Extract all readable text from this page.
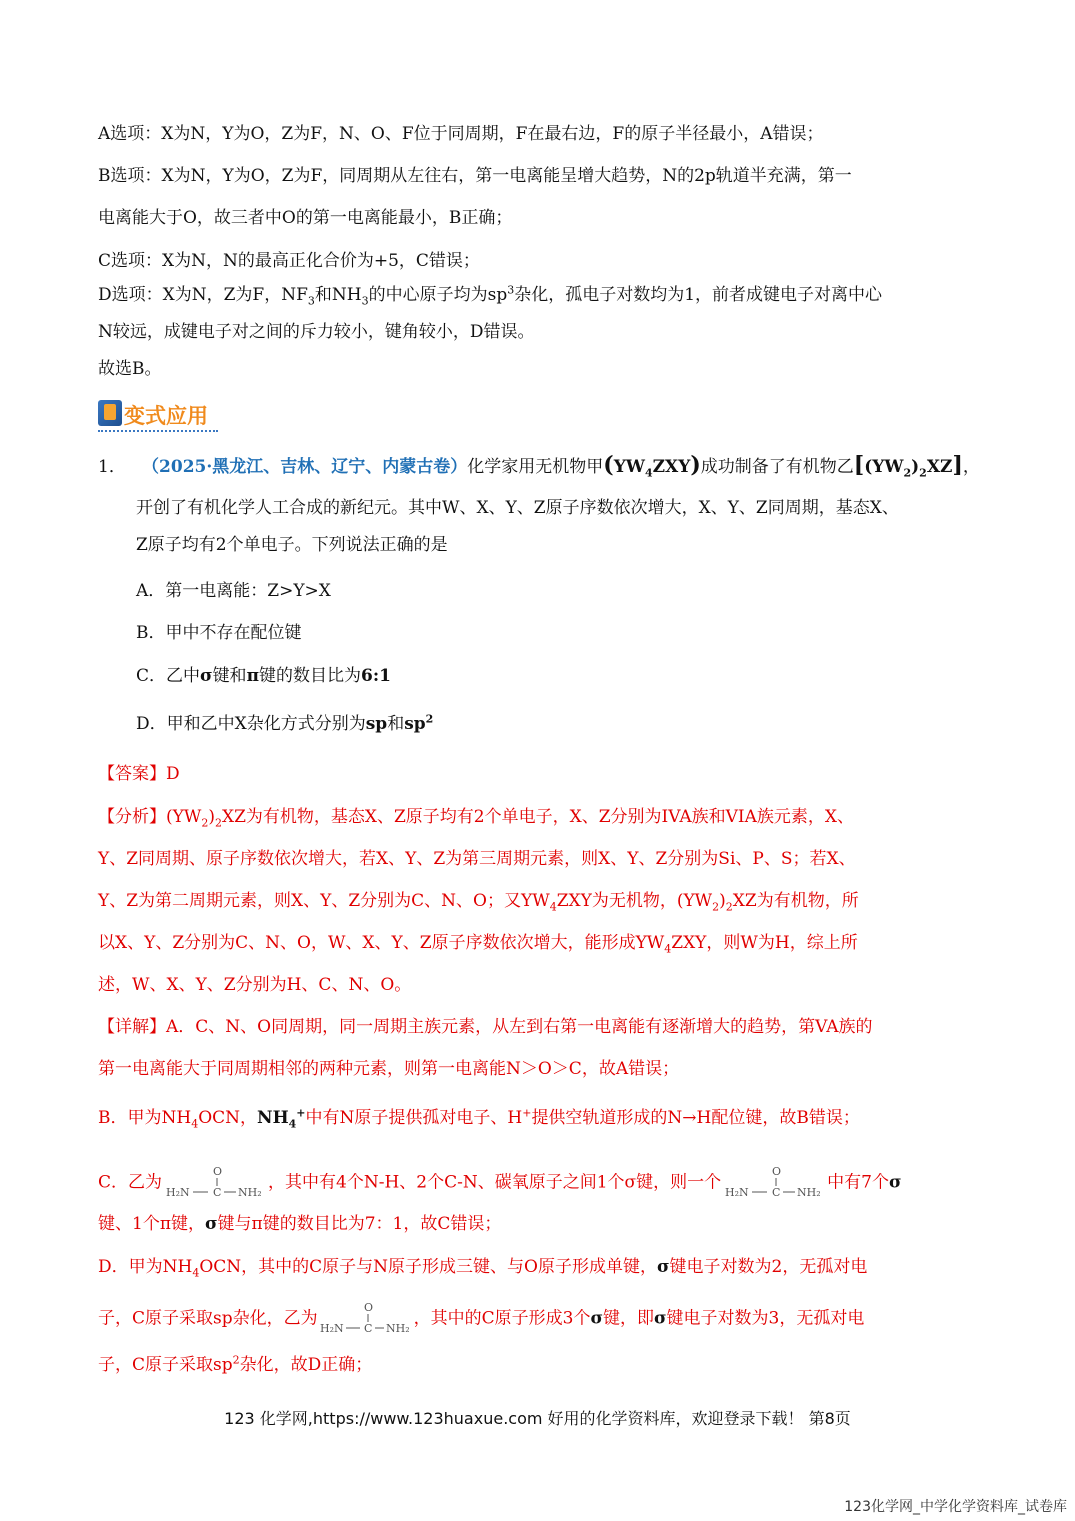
A选项：X为N，Y为O，Z为F，N、O、F位于同周期，F在最右边，F的原子半径最小，A错误；
B选项：X为N，Y为O，Z为F，同周期从左往右，第一电离能呈增大趋势，N的2p轨道半充满，第一
电离能大于O，故三者中O的第一电离能最小，B正确；
C选项：X为N，N的最高正化合价为+5，C错误；
D选项：X为N，Z为F，$NF_3$和$NH_3$的中心原子均为$sp^3$杂化，孤电子对数均为1，前者成键电子对离中心
N较远，成键电子对之间的斥力较小，键角较小，D错误。
故选B。
变式应用
1． （2025·黑龙江、吉林、辽宁、内蒙古卷）化学家用无机物甲$(YW_4ZXY)$成功制备了有机物乙$[(YW_2)_2XZ]$，
开创了有机化学人工合成的新纪元。其中W、X、Y、Z原子序数依次增大，X、Y、Z同周期，基态X、
Z原子均有2个单电子。下列说法正确的是
A．第一电离能：Z>Y>X
B．甲中不存在配位键
C．乙中σ键和π键的数目比为6:1
D．甲和乙中X杂化方式分别为sp和$sp^2$
【答案】D
【分析】$(YW_2)_2XZ$为有机物，基态X、Z原子均有2个单电子，X、Z分别为IVA族和VIA族元素，X、
Y、Z同周期、原子序数依次增大，若X、Y、Z为第三周期元素，则X、Y、Z分别为Si、P、S；若X、
Y、Z为第二周期元素，则X、Y、Z分别为C、N、O；又$YW_4ZXY$为无机物，$(YW_2)_2XZ$为有机物，所
以X、Y、Z分别为C、N、O，W、X、Y、Z原子序数依次增大，能形成$YW_4ZXY$，则W为H，综上所
述，W、X、Y、Z分别为H、C、N、O。
【详解】A．C、N、O同周期，同一周期主族元素，从左到右第一电离能有逐渐增大的趋势，第VA族的
第一电离能大于同周期相邻的两种元素，则第一电离能N＞O＞C，故A错误；
B．甲为$NH_4OCN$，$NH_4^+$中有N原子提供孤对电子、H+提供空轨道形成的N→H配位键，故B错误；
C．乙为
O
H₂N C NH₂ ，其中有4个N-H、2个C-N、碳氧原子之间1个σ键，则一个
O
H₂N C NH₂ 中有7个σ
键、1个π键，σ键与π键的数目比为7：1，故C错误；
D．甲为$NH_4OCN$，其中的C原子与N原子形成三键、与O原子形成单键，σ键电子对数为2，无孤对电
子，C原子采取sp杂化，乙为
O
H₂N C NH₂ ，其中的C原子形成3个σ键，即σ键电子对数为3，无孤对电
子，C原子采取$sp^2$杂化，故D正确；
123 化学网,https://www.123huaxue.com 好用的化学资料库，欢迎登录下载！ 第8页
123化学网_中学化学资料库_试卷库
